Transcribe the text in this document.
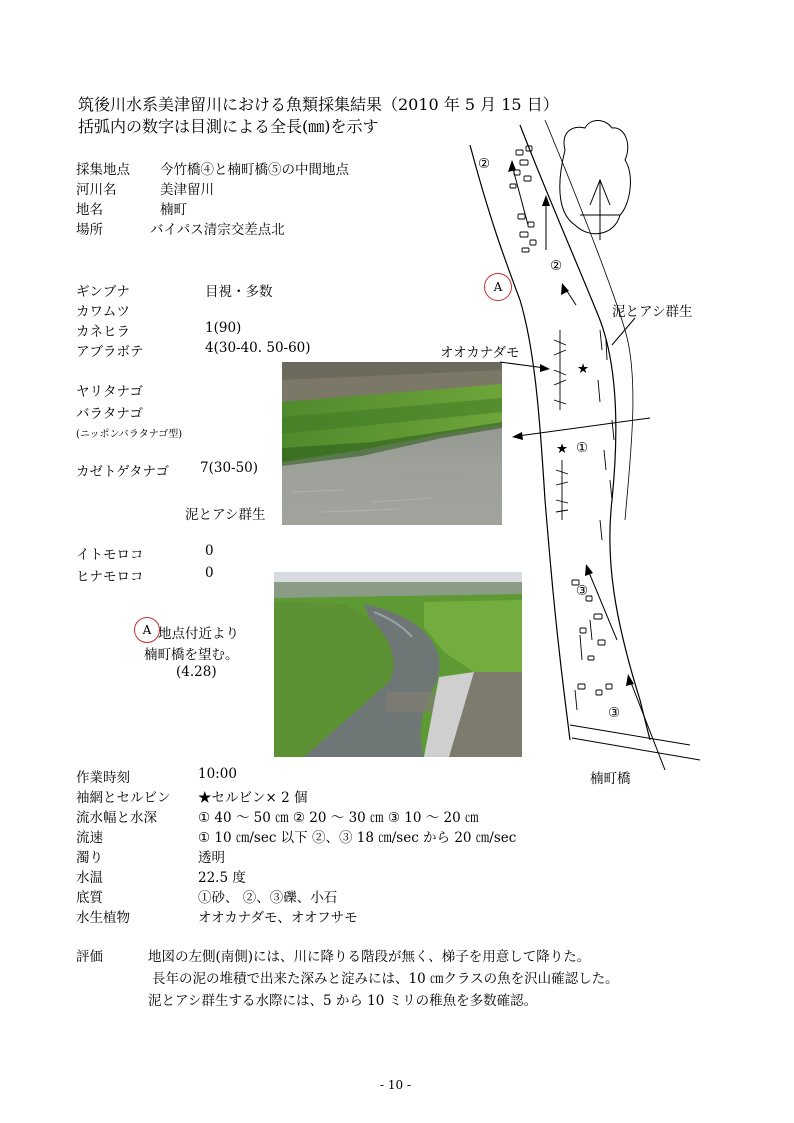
筑後川水系美津留川における魚類採集結果（2010 年 5 月 15 日）
括弧内の数字は目測による全長(㎜)を示す
採集地点 今竹橋④と楠町橋⑤の中間地点
河川名	美津留川
地名	楠町
場所	バイパス清宗交差点北
ギンブナ	目視・多数
カワムツ
カネヒラ	1(90)
アブラボテ	4(30-40. 50-60)
ヤリタナゴ
バラタナゴ
(ニッポンバラタナゴ型)
カゼトゲタナゴ 7(30-50)
イトモロコ	0
ヒナモロコ	0
泥とアシ群生
A 地点付近より
楠町橋を望む。
(4.28)
A
オオカナダモ
泥とアシ群生
楠町橋
②
②
①
③
③
★
★
作業時刻	10:00
袖網とセルビン ★セルビン× 2 個
流水幅と水深	① 40 〜 50 ㎝ ② 20 〜 30 ㎝ ③ 10 〜 20 ㎝
流速	① 10 ㎝/sec 以下 ②、③ 18 ㎝/sec から 20 ㎝/sec
濁り	透明
水温	22.5 度
底質	①砂、 ②、③礫、小石
水生植物	オオカナダモ、オオフサモ
評価	地図の左側(南側)には、川に降りる階段が無く、梯子を用意して降りた。
長年の泥の堆積で出来た深みと淀みには、10 ㎝クラスの魚を沢山確認した。
泥とアシ群生する水際には、5 から 10 ミリの稚魚を多数確認。
- 10 -
